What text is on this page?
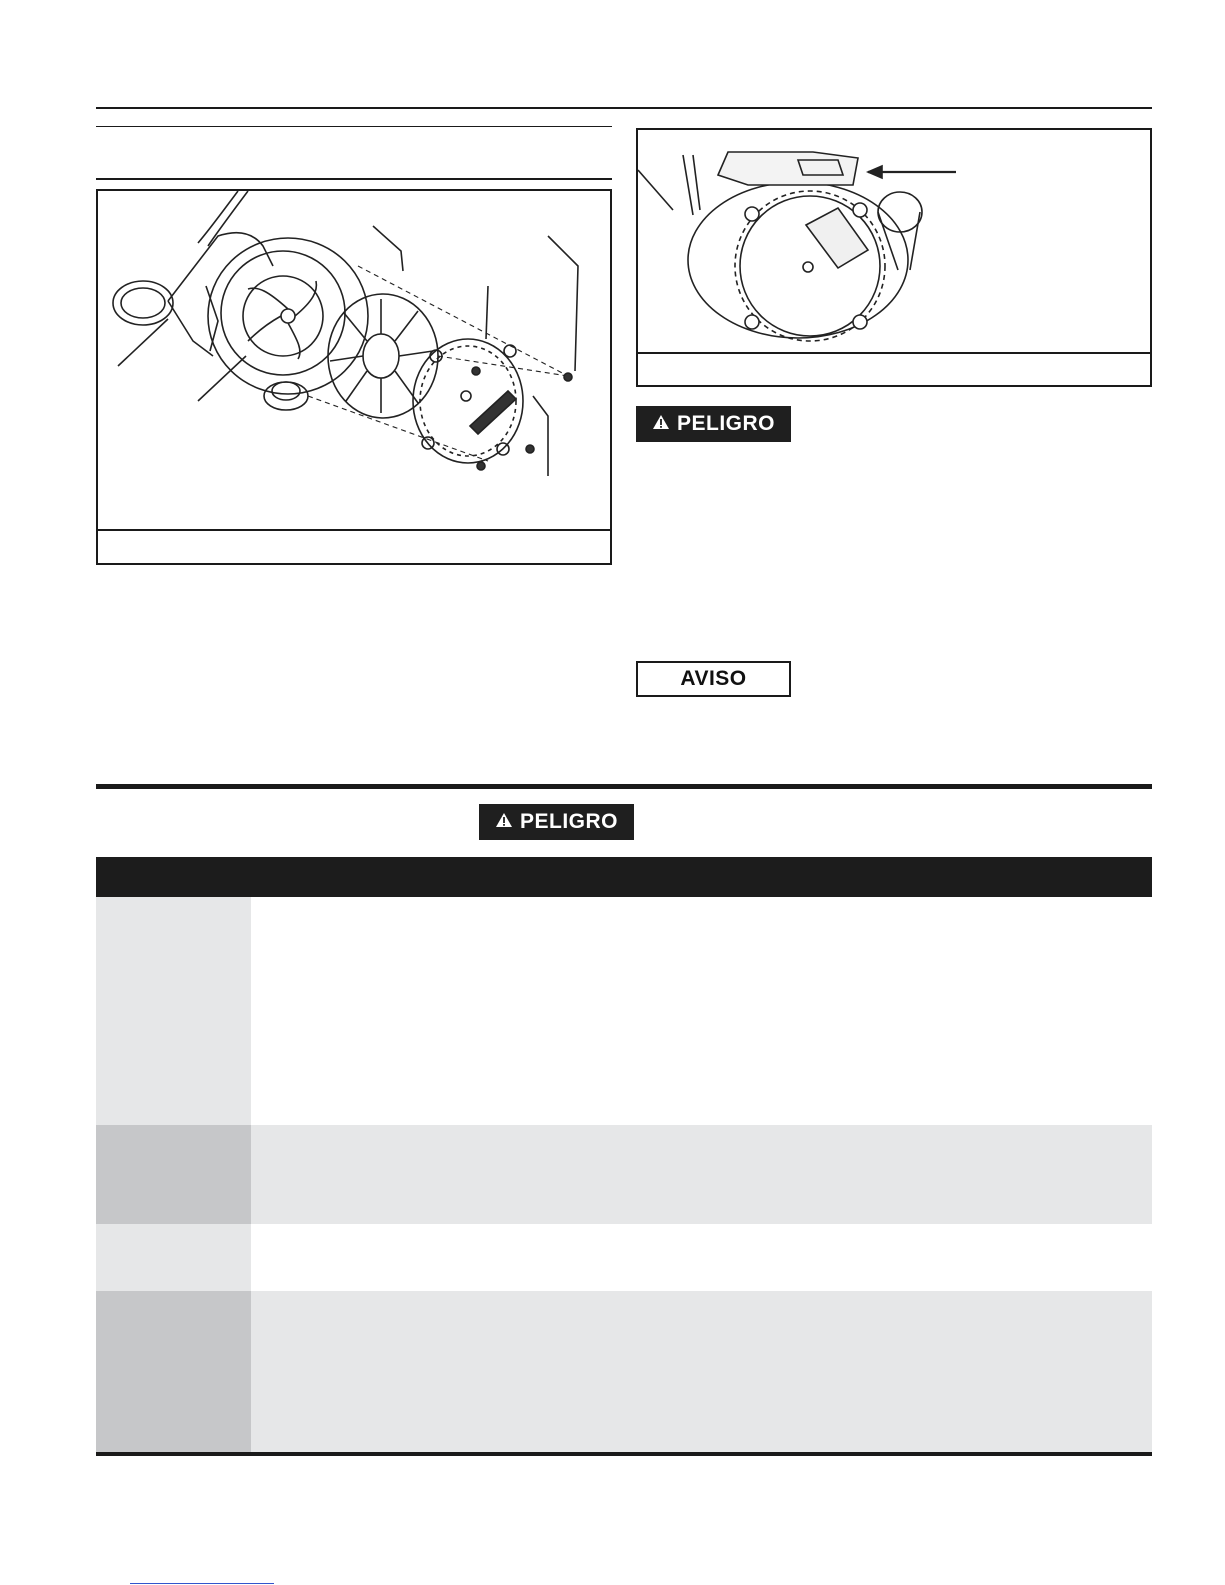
PELIGRO
AVISO
PELIGRO
